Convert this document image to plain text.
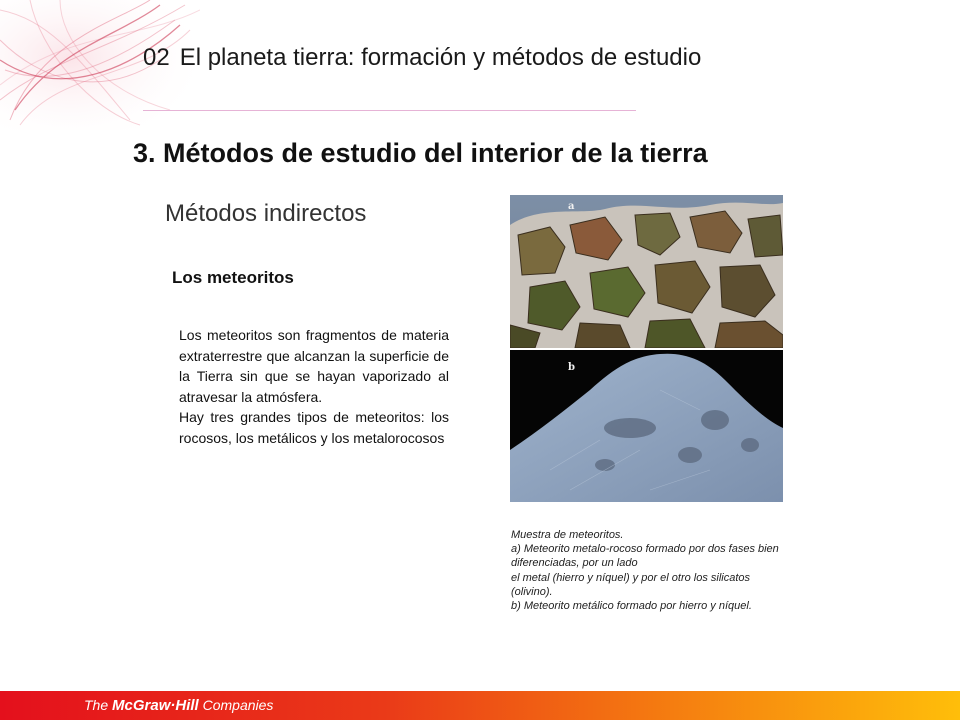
02 El planeta tierra: formación y métodos de estudio
3. Métodos de estudio del interior de la tierra
Métodos indirectos
Los meteoritos

Los meteoritos son fragmentos de materia extraterrestre que alcanzan la superficie de la Tierra sin que se hayan vaporizado al atravesar la atmósfera.

Hay tres grandes tipos de meteoritos: los rocosos, los metálicos y los metalorocosos

a
b
Muestra de meteoritos.
a) Meteorito metalo-rocoso formado por dos fases bien diferenciadas, por un lado
el metal (hierro y níquel) y por el otro los silicatos (olivino).
b) Meteorito metálico formado por hierro y níquel.
The McGraw·Hill Companies
